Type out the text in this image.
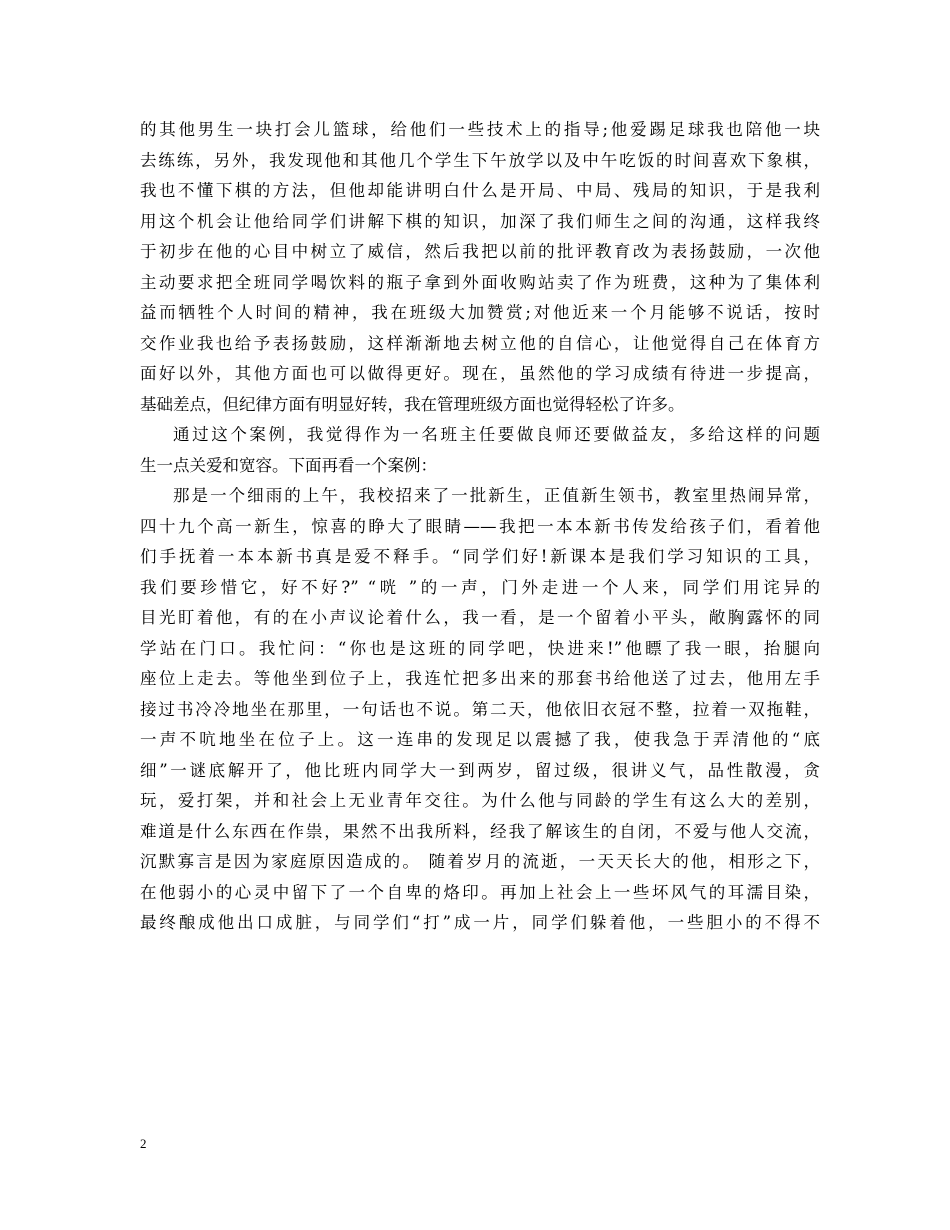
的其他男生一块打会儿篮球，给他们一些技术上的指导;他爱踢足球我也陪他一块
去练练，另外，我发现他和其他几个学生下午放学以及中午吃饭的时间喜欢下象棋，
我也不懂下棋的方法，但他却能讲明白什么是开局、中局、残局的知识，于是我利
用这个机会让他给同学们讲解下棋的知识，加深了我们师生之间的沟通，这样我终
于初步在他的心目中树立了威信，然后我把以前的批评教育改为表扬鼓励，一次他
主动要求把全班同学喝饮料的瓶子拿到外面收购站卖了作为班费，这种为了集体利
益而牺牲个人时间的精神，我在班级大加赞赏;对他近来一个月能够不说话，按时
交作业我也给予表扬鼓励，这样渐渐地去树立他的自信心，让他觉得自己在体育方
面好以外，其他方面也可以做得更好。现在，虽然他的学习成绩有待进一步提高，
基础差点，但纪律方面有明显好转，我在管理班级方面也觉得轻松了许多。
通过这个案例，我觉得作为一名班主任要做良师还要做益友，多给这样的问题
生一点关爱和宽容。下面再看一个案例：
那是一个细雨的上午，我校招来了一批新生，正值新生领书，教室里热闹异常，
四十九个高一新生，惊喜的睁大了眼睛——我把一本本新书传发给孩子们，看着他
们手抚着一本本新书真是爱不释手。“同学们好!新课本是我们学习知识的工具，
我们要珍惜它，好不好?” “咣 ”的一声，门外走进一个人来，同学们用诧异的
目光盯着他，有的在小声议论着什么，我一看，是一个留着小平头，敞胸露怀的同
学站在门口。我忙问：“你也是这班的同学吧，快进来!”他瞟了我一眼，抬腿向
座位上走去。等他坐到位子上，我连忙把多出来的那套书给他送了过去，他用左手
接过书冷冷地坐在那里，一句话也不说。第二天，他依旧衣冠不整，拉着一双拖鞋，
一声不吭地坐在位子上。这一连串的发现足以震撼了我，使我急于弄清他的“底
细”一谜底解开了，他比班内同学大一到两岁，留过级，很讲义气，品性散漫，贪
玩，爱打架，并和社会上无业青年交往。为什么他与同龄的学生有这么大的差别，
难道是什么东西在作祟，果然不出我所料，经我了解该生的自闭，不爱与他人交流，
沉默寡言是因为家庭原因造成的。 随着岁月的流逝，一天天长大的他，相形之下，
在他弱小的心灵中留下了一个自卑的烙印。再加上社会上一些坏风气的耳濡目染，
最终酿成他出口成脏，与同学们“打”成一片，同学们躲着他，一些胆小的不得不
2
